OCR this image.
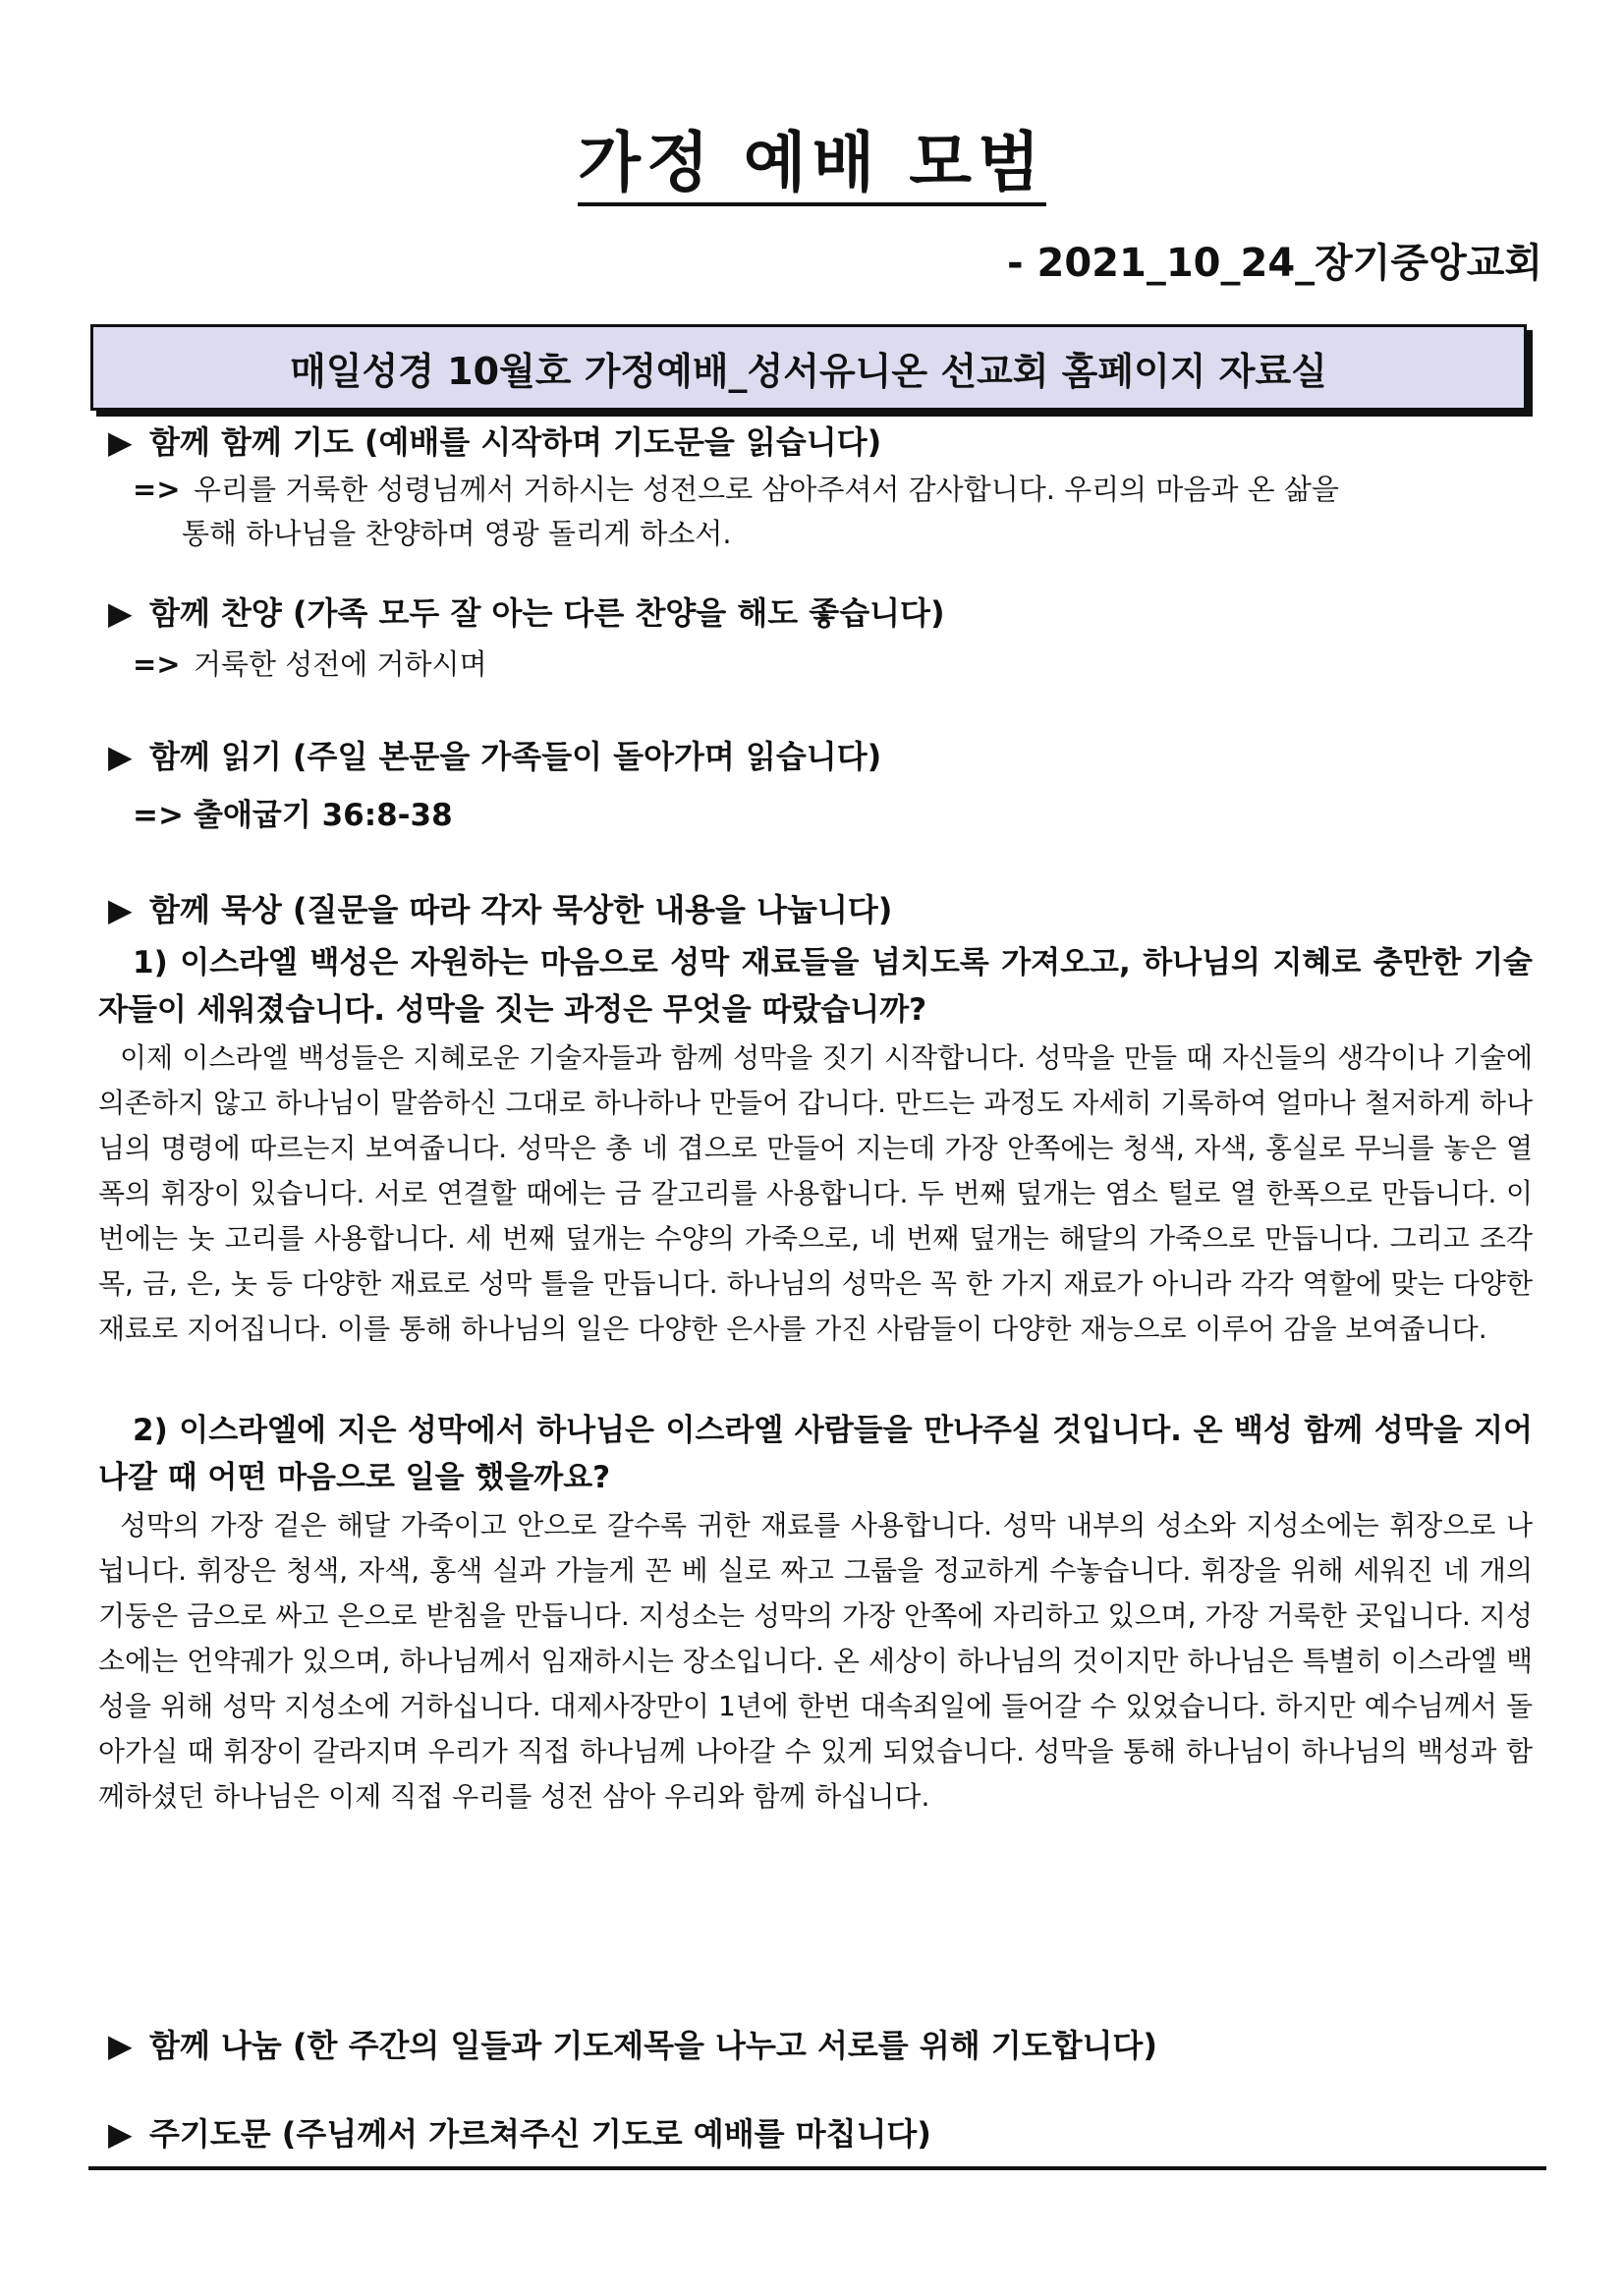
가정 예배 모범
- 2021_10_24_장기중앙교회
매일성경 10월호 가정예배_성서유니온 선교회 홈페이지 자료실
▶ 함께 함께 기도 (예배를 시작하며 기도문을 읽습니다)
=> 우리를 거룩한 성령님께서 거하시는 성전으로 삼아주셔서 감사합니다. 우리의 마음과 온 삶을
통해 하나님을 찬양하며 영광 돌리게 하소서.
▶ 함께 찬양 (가족 모두 잘 아는 다른 찬양을 해도 좋습니다)
=> 거룩한 성전에 거하시며
▶ 함께 읽기 (주일 본문을 가족들이 돌아가며 읽습니다)
=> 출애굽기 36:8-38
▶ 함께 묵상 (질문을 따라 각자 묵상한 내용을 나눕니다)
1) 이스라엘 백성은 자원하는 마음으로 성막 재료들을 넘치도록 가져오고, 하나님의 지혜로 충만한 기술자들이 세워졌습니다. 성막을 짓는 과정은 무엇을 따랐습니까?
이제 이스라엘 백성들은 지혜로운 기술자들과 함께 성막을 짓기 시작합니다. 성막을 만들 때 자신들의 생각이나 기술에 의존하지 않고 하나님이 말씀하신 그대로 하나하나 만들어 갑니다. 만드는 과정도 자세히 기록하여 얼마나 철저하게 하나님의 명령에 따르는지 보여줍니다. 성막은 총 네 겹으로 만들어 지는데 가장 안쪽에는 청색, 자색, 홍실로 무늬를 놓은 열 폭의 휘장이 있습니다. 서로 연결할 때에는 금 갈고리를 사용합니다. 두 번째 덮개는 염소 털로 열 한폭으로 만듭니다. 이번에는 놋 고리를 사용합니다. 세 번째 덮개는 수양의 가죽으로, 네 번째 덮개는 해달의 가죽으로 만듭니다. 그리고 조각목, 금, 은, 놋 등 다양한 재료로 성막 틀을 만듭니다. 하나님의 성막은 꼭 한 가지 재료가 아니라 각각 역할에 맞는 다양한 재료로 지어집니다. 이를 통해 하나님의 일은 다양한 은사를 가진 사람들이 다양한 재능으로 이루어 감을 보여줍니다.
2) 이스라엘에 지은 성막에서 하나님은 이스라엘 사람들을 만나주실 것입니다. 온 백성 함께 성막을 지어나갈 때 어떤 마음으로 일을 했을까요?
성막의 가장 겉은 해달 가죽이고 안으로 갈수록 귀한 재료를 사용합니다. 성막 내부의 성소와 지성소에는 휘장으로 나뉩니다. 휘장은 청색, 자색, 홍색 실과 가늘게 꼰 베 실로 짜고 그룹을 정교하게 수놓습니다. 휘장을 위해 세워진 네 개의 기둥은 금으로 싸고 은으로 받침을 만듭니다. 지성소는 성막의 가장 안쪽에 자리하고 있으며, 가장 거룩한 곳입니다. 지성소에는 언약궤가 있으며, 하나님께서 임재하시는 장소입니다. 온 세상이 하나님의 것이지만 하나님은 특별히 이스라엘 백성을 위해 성막 지성소에 거하십니다. 대제사장만이 1년에 한번 대속죄일에 들어갈 수 있었습니다. 하지만 예수님께서 돌아가실 때 휘장이 갈라지며 우리가 직접 하나님께 나아갈 수 있게 되었습니다. 성막을 통해 하나님이 하나님의 백성과 함께하셨던 하나님은 이제 직접 우리를 성전 삼아 우리와 함께 하십니다.
▶ 함께 나눔 (한 주간의 일들과 기도제목을 나누고 서로를 위해 기도합니다)
▶ 주기도문 (주님께서 가르쳐주신 기도로 예배를 마칩니다)
